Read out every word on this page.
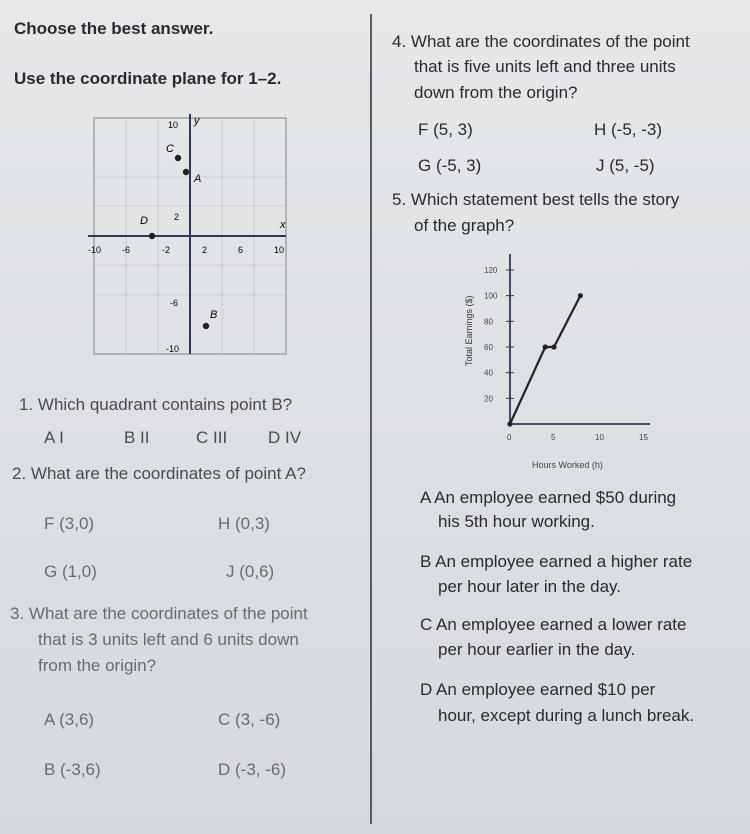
Choose the best answer.
Use the coordinate plane for 1–2.
y
x
10
2
-6
-10
-10 -6	-2	2	6	10
C
A
D
B
1. Which quadrant contains point B?
A I	B II	C III D IV
2. What are the coordinates of point A?
F (3,0)	H (0,3)
G (1,0)	J (0,6)
3. What are the coordinates of the point
that is 3 units left and 6 units down
from the origin?
A (3,6)	C (3, -6)
B (-3,6)	D (-3, -6)
4. What are the coordinates of the point
that is five units left and three units
down from the origin?
F (5, 3)	H (-5, -3)
G (-5, 3)	J (5, -5)
5. Which statement best tells the story
of the graph?
Total Earnings ($)
Hours Worked (h)
120
100
80
60
40
20
0	5	10	15
A An employee earned $50 during
his 5th hour working.
B An employee earned a higher rate
per hour later in the day.
C An employee earned a lower rate
per hour earlier in the day.
D An employee earned $10 per
hour, except during a lunch break.
